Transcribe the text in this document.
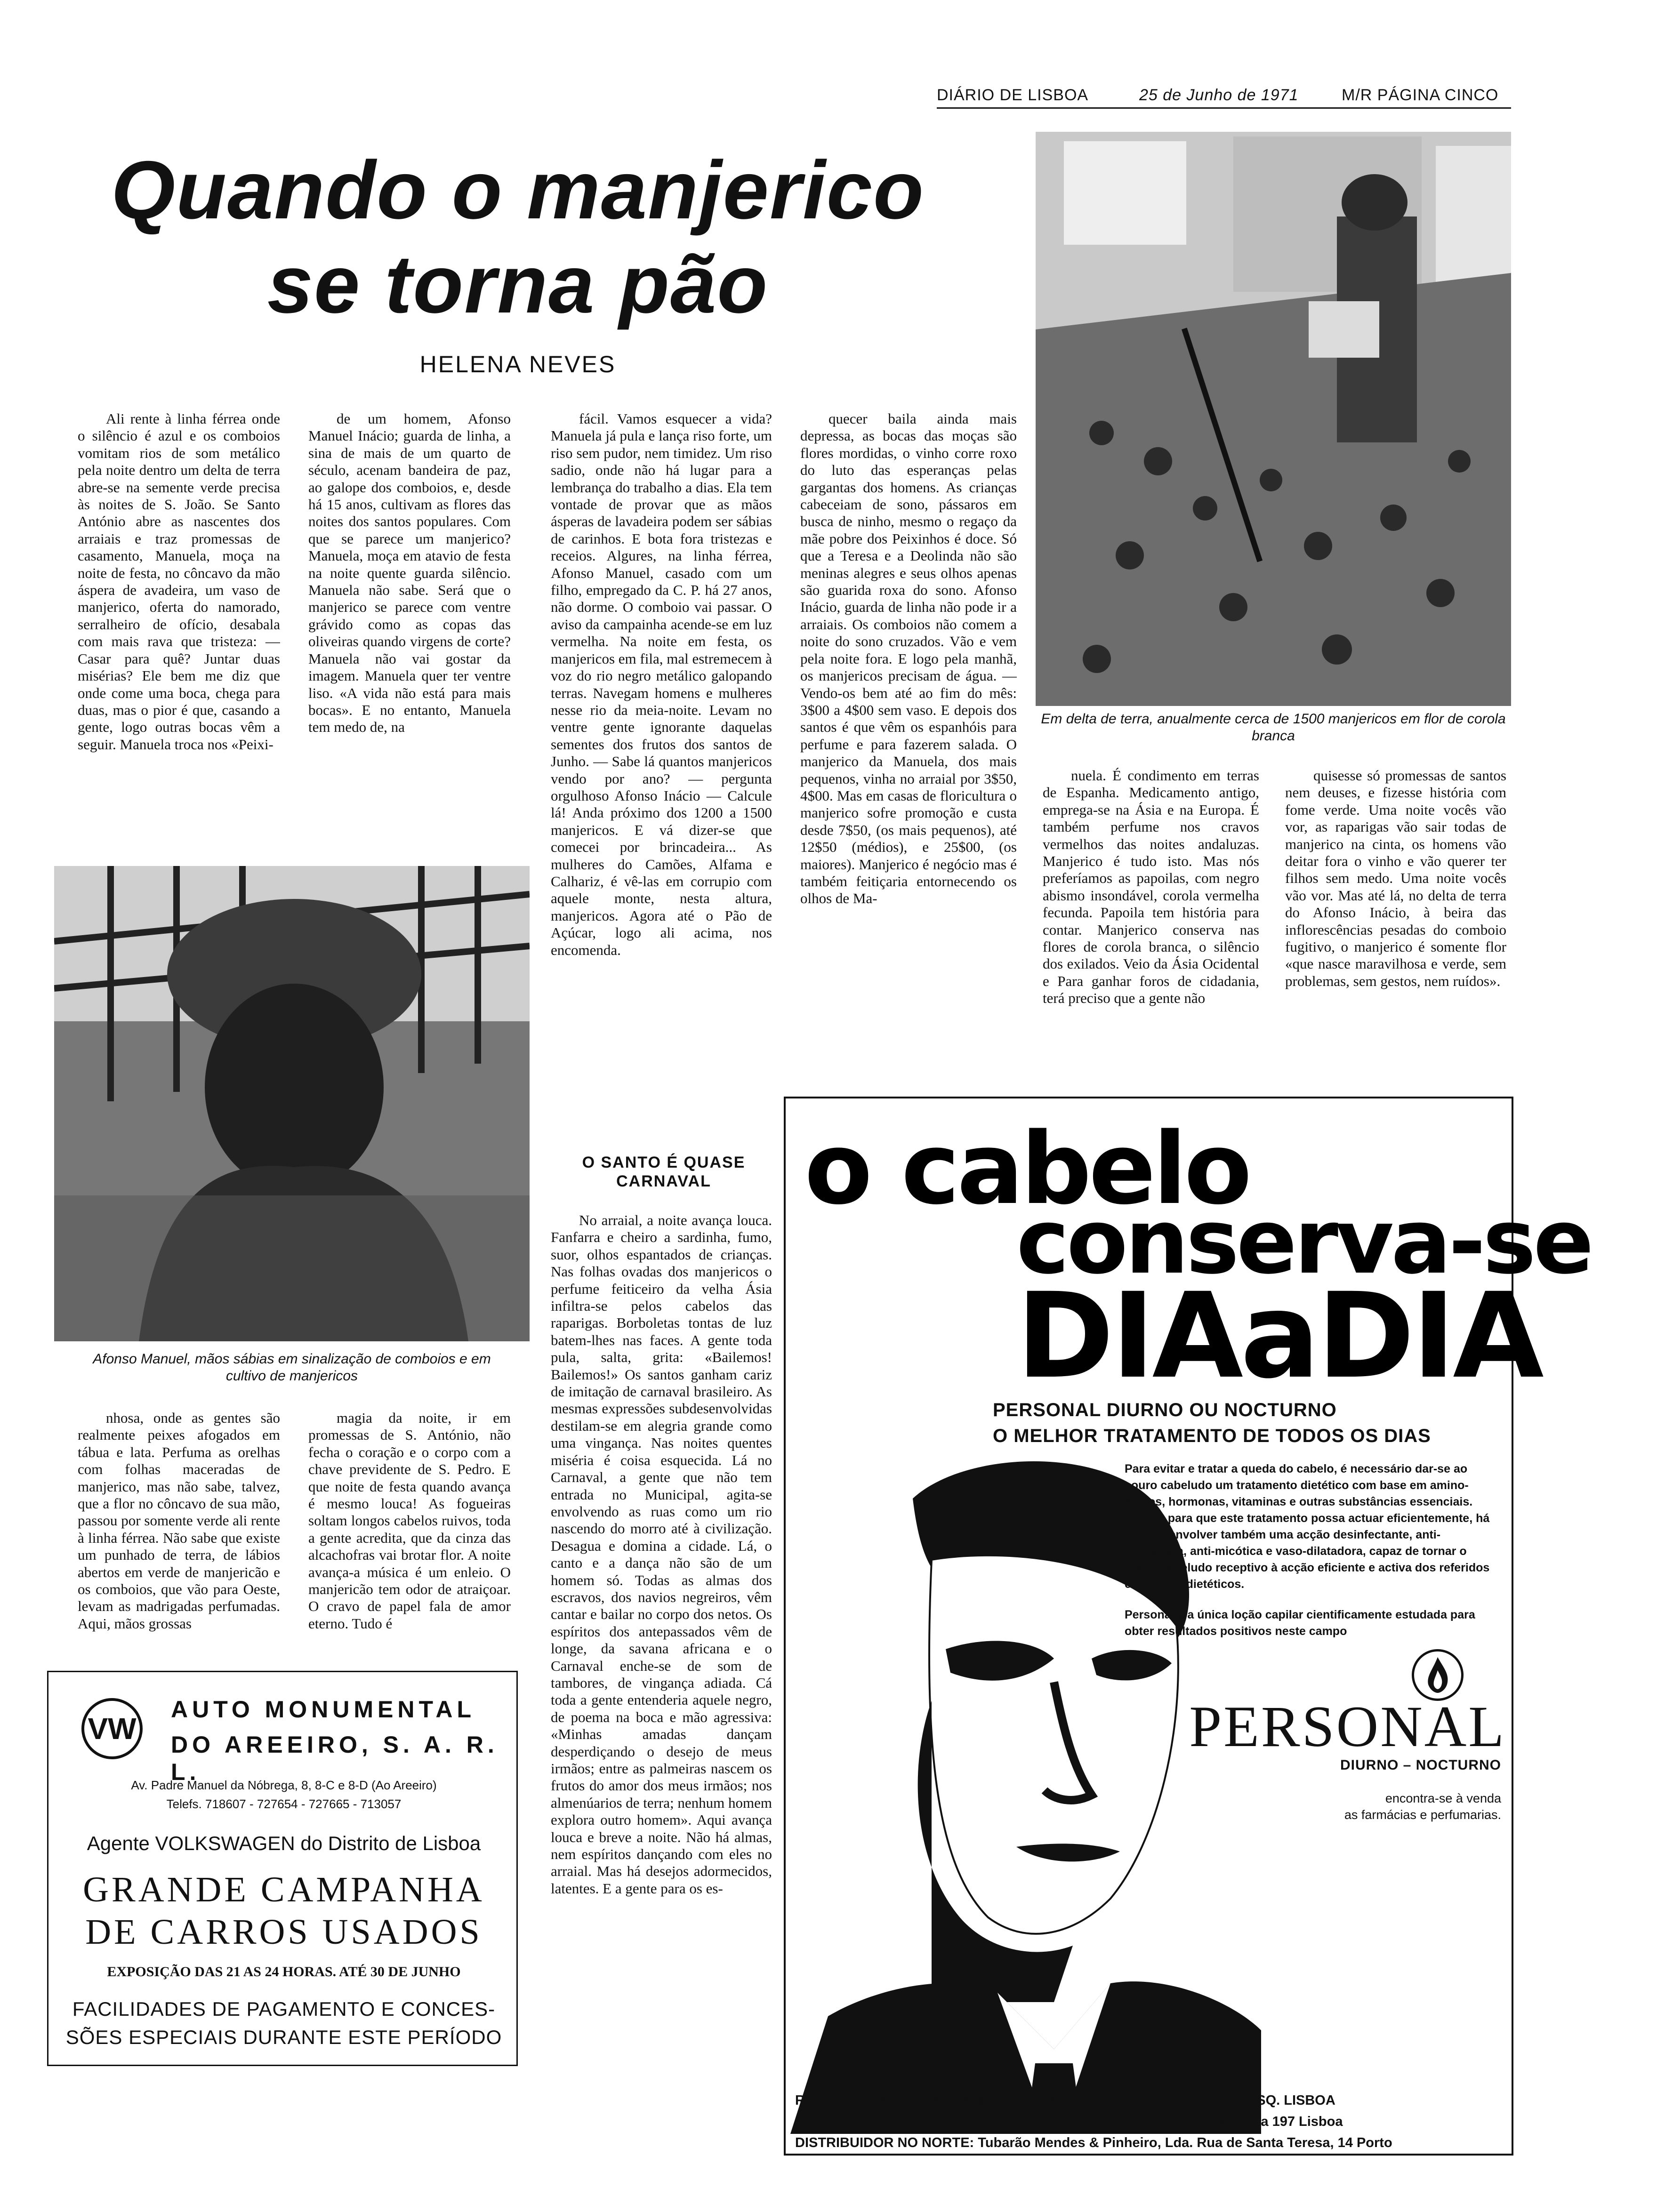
DIÁRIO DE LISBOA	25 de Junho de 1971	M/R PÁGINA CINCO
Quando o manjerico
se torna pão
HELENA NEVES
Em delta de terra, anualmente cerca de 1500 manjericos em flor de corola branca

Ali rente à linha férrea onde o silêncio é azul e os comboios vomitam rios de som metálico pela noite dentro um delta de terra abre-se na semente verde precisa às noites de S. João. Se Santo António abre as nascentes dos arraiais e traz promessas de casamento, Manuela, moça na noite de festa, no côncavo da mão áspera de avadeira, um vaso de manjerico, oferta do namorado, serralheiro de ofício, desabala com mais rava que tristeza: —Casar para quê? Juntar duas misérias? Ele bem me diz que onde come uma boca, chega para duas, mas o pior é que, casando a gente, logo outras bocas vêm a seguir. Manuela troca nos «Peixi-

de um homem, Afonso Manuel Inácio; guarda de linha, a sina de mais de um quarto de século, acenam bandeira de paz, ao galope dos comboios, e, desde há 15 anos, cultivam as flores das noites dos santos populares. Com que se parece um manjerico? Manuela, moça em atavio de festa na noite quente guarda silêncio. Manuela não sabe. Será que o manjerico se parece com ventre grávido como as copas das oliveiras quando virgens de corte? Manuela não vai gostar da imagem. Manuela quer ter ventre liso. «A vida não está para mais bocas». E no entanto, Manuela tem medo de, na

fácil. Vamos esquecer a vida? Manuela já pula e lança riso forte, um riso sem pudor, nem timidez. Um riso sadio, onde não há lugar para a lembrança do trabalho a dias. Ela tem vontade de provar que as mãos ásperas de lavadeira podem ser sábias de carinhos. E bota fora tristezas e receios. Algures, na linha férrea, Afonso Manuel, casado com um filho, empregado da C. P. há 27 anos, não dorme. O comboio vai passar. O aviso da campainha acende-se em luz vermelha. Na noite em festa, os manjericos em fila, mal estremecem à voz do rio negro metálico galopando terras. Navegam homens e mulheres nesse rio da meia-noite. Levam no ventre gente ignorante daquelas sementes dos frutos dos santos de Junho. — Sabe lá quantos manjericos vendo por ano? — pergunta orgulhoso Afonso Inácio — Calcule lá! Anda próximo dos 1200 a 1500 manjericos. E vá dizer-se que comecei por brincadeira... As mulheres do Camões, Alfama e Calhariz, é vê-las em corrupio com aquele monte, nesta altura, manjericos. Agora até o Pão de Açúcar, logo ali acima, nos encomenda.

quecer baila ainda mais depressa, as bocas das moças são flores mordidas, o vinho corre roxo do luto das esperanças pelas gargantas dos homens. As crianças cabeceiam de sono, pássaros em busca de ninho, mesmo o regaço da mãe pobre dos Peixinhos é doce. Só que a Teresa e a Deolinda não são meninas alegres e seus olhos apenas são guarida roxa do sono. Afonso Inácio, guarda de linha não pode ir a arraiais. Os comboios não comem a noite do sono cruzados. Vão e vem pela noite fora. E logo pela manhã, os manjericos precisam de água. — Vendo-os bem até ao fim do mês: 3$00 a 4$00 sem vaso. E depois dos santos é que vêm os espanhóis para perfume e para fazerem salada. O manjerico da Manuela, dos mais pequenos, vinha no arraial por 3$50, 4$00. Mas em casas de floricultura o manjerico sofre promoção e custa desde 7$50, (os mais pequenos), até 12$50 (médios), e 25$00, (os maiores). Manjerico é negócio mas é também feitiçaria entornecendo os olhos de Ma-

nuela. É condimento em terras de Espanha. Medicamento antigo, emprega-se na Ásia e na Europa. É também perfume nos cravos vermelhos das noites andaluzas. Manjerico é tudo isto. Mas nós preferíamos as papoilas, com negro abismo insondável, corola vermelha fecunda. Papoila tem história para contar. Manjerico conserva nas flores de corola branca, o silêncio dos exilados. Veio da Ásia Ocidental e Para ganhar foros de cidadania, terá preciso que a gente não

quisesse só promessas de santos nem deuses, e fizesse história com fome verde. Uma noite vocês vão vor, as raparigas vão sair todas de manjerico na cinta, os homens vão deitar fora o vinho e vão querer ter filhos sem medo. Uma noite vocês vão vor. Mas até lá, no delta de terra do Afonso Inácio, à beira das inflorescências pesadas do comboio fugitivo, o manjerico é somente flor «que nasce maravilhosa e verde, sem problemas, sem gestos, nem ruídos».

Afonso Manuel, mãos sábias em sinalização de comboios e em cultivo de manjericos

nhosa, onde as gentes são realmente peixes afogados em tábua e lata. Perfuma as orelhas com folhas maceradas de manjerico, mas não sabe, talvez, que a flor no côncavo de sua mão, passou por somente verde ali rente à linha férrea. Não sabe que existe um punhado de terra, de lábios abertos em verde de manjericão e os comboios, que vão para Oeste, levam as madrigadas perfumadas. Aqui, mãos grossas

magia da noite, ir em promessas de S. António, não fecha o coração e o corpo com a chave previdente de S. Pedro. E que noite de festa quando avança é mesmo louca! As fogueiras soltam longos cabelos ruivos, toda a gente acredita, que da cinza das alcachofras vai brotar flor. A noite avança-a música é um enleio. O manjericão tem odor de atraiçoar. O cravo de papel fala de amor eterno. Tudo é

O SANTO É QUASE CARNAVAL

No arraial, a noite avança louca. Fanfarra e cheiro a sardinha, fumo, suor, olhos espantados de crianças. Nas folhas ovadas dos manjericos o perfume feiticeiro da velha Ásia infiltra-se pelos cabelos das raparigas. Borboletas tontas de luz batem-lhes nas faces. A gente toda pula, salta, grita: «Bailemos! Bailemos!» Os santos ganham cariz de imitação de carnaval brasileiro. As mesmas expressões subdesenvolvidas destilam-se em alegria grande como uma vingança. Nas noites quentes miséria é coisa esquecida. Lá no Carnaval, a gente que não tem entrada no Municipal, agita-se envolvendo as ruas como um rio nascendo do morro até à civilização. Desagua e domina a cidade. Lá, o canto e a dança não são de um homem só. Todas as almas dos escravos, dos navios negreiros, vêm cantar e bailar no corpo dos netos. Os espíritos dos antepassados vêm de longe, da savana africana e o Carnaval enche-se de som de tambores, de vingança adiada. Cá toda a gente entenderia aquele negro, de poema na boca e mão agressiva: «Minhas amadas dançam desperdiçando o desejo de meus irmãos; entre as palmeiras nascem os frutos do amor dos meus irmãos; nos almenúarios de terra; nenhum homem explora outro homem». Aqui avança louca e breve a noite. Não há almas, nem espíritos dançando com eles no arraial. Mas há desejos adormecidos, latentes. E a gente para os es-

VW
AUTO MONUMENTAL
DO AREEIRO, S. A. R. L.
Av. Padre Manuel da Nóbrega, 8, 8-C e 8-D (Ao Areeiro)
Telefs. 718607 - 727654 - 727665 - 713057
Agente VOLKSWAGEN do Distrito de Lisboa
GRANDE CAMPANHA
DE CARROS USADOS
EXPOSIÇÃO DAS 21 AS 24 HORAS. ATÉ 30 DE JUNHO
FACILIDADES DE PAGAMENTO E CONCES-
SÕES ESPECIAIS DURANTE ESTE PERÍODO
o cabelo
conserva-se
DIAaDIA
PERSONAL DIURNO OU NOCTURNO
O MELHOR TRATAMENTO DE TODOS OS DIAS
Para evitar e tratar a queda do cabelo, é necessário dar-se ao couro cabeludo um tratamento dietético com base em amino-ácidos, hormonas, vitaminas e outras substâncias essenciais. Porém, para que este tratamento possa actuar eficientemente, há que desenvolver também uma acção desinfectante, anti-bacteriana, anti-micótica e vaso-dilatadora, capaz de tornar o couro cabeludo receptivo à acção eficiente e activa dos referidos elementos dietéticos.
Personal é a única loção capilar cientificamente estudada para obter resultados positivos neste campo
PERSONAL
DIURNO – NOCTURNO
encontra-se à venda
as farmácias e perfumarias.
REPRESENTANTES: AYMAMI PEIG, LDA. AV. GRÃO VASCO, 45, R/C - ESQ. LISBOA
DISTRIBUIDOR CENTRO E SUL: J.C.Crespo, Lda Rua da Madalena, 193 a 197 Lisboa
DISTRIBUIDOR NO NORTE: Tubarão Mendes & Pinheiro, Lda. Rua de Santa Teresa, 14 Porto
